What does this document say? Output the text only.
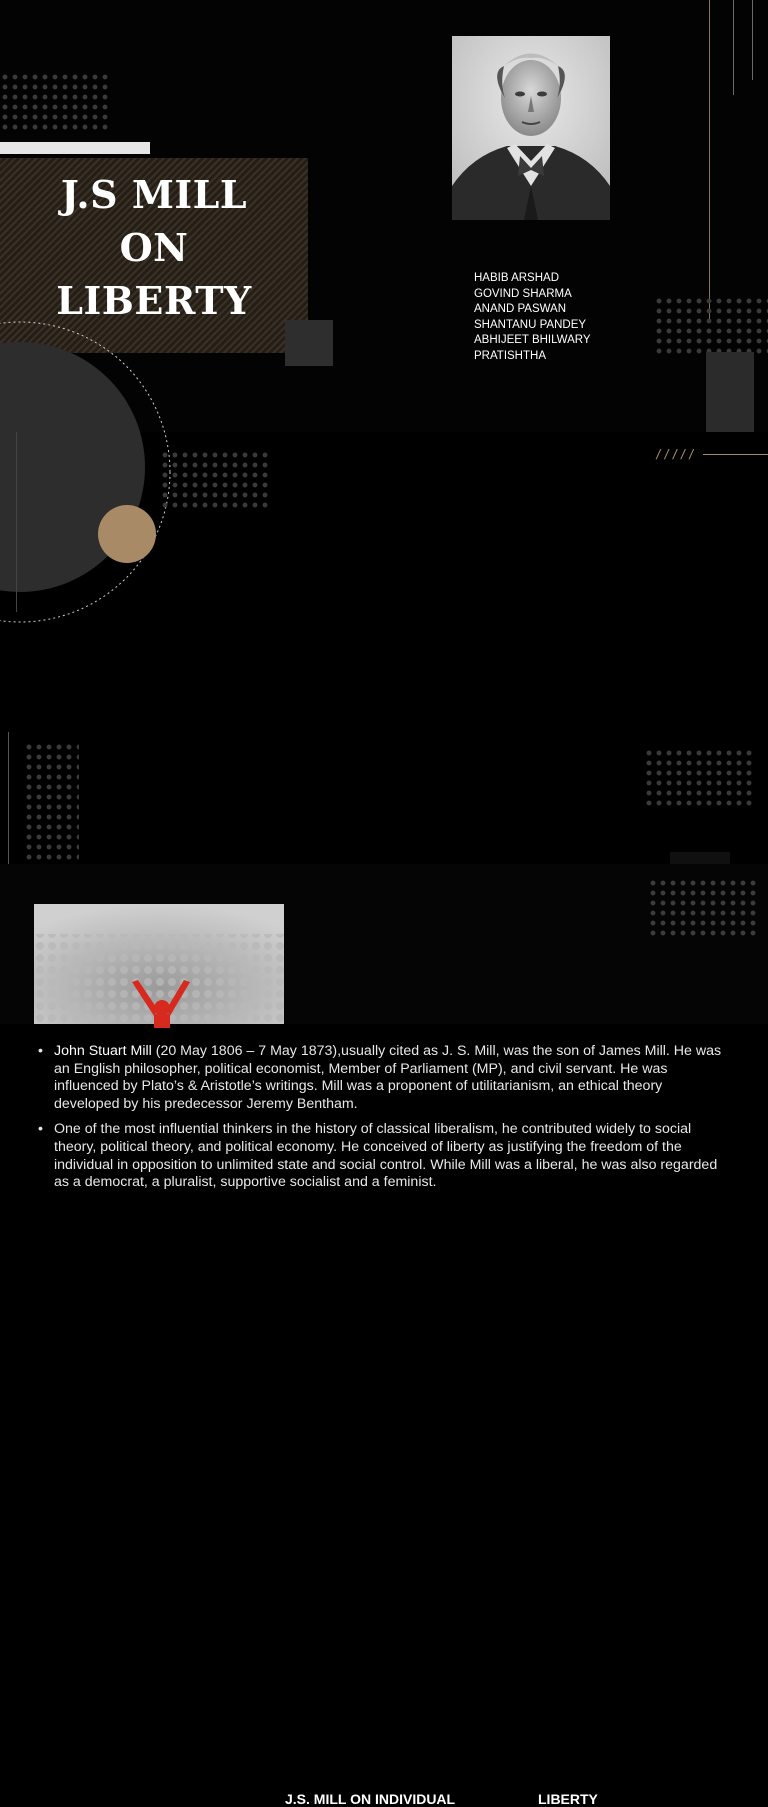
J.S MILL
ON
LIBERTY	HABIB ARSHAD
GOVIND SHARMA
ANAND PASWAN
SHANTANU PANDEY
ABHIJEET BHILWARY
PRATISHTHA
/////
• John Stuart Mill (20 May 1806 – 7 May 1873),usually cited as J. S. Mill, was the son of James Mill. He was an English philosopher, political economist, Member of Parliament (MP), and civil servant. He was influenced by Plato’s & Aristotle’s writings. Mill was a proponent of utilitarianism, an ethical theory developed by his predecessor Jeremy Bentham.
• One of the most influential thinkers in the history of classical liberalism, he contributed widely to social theory, political theory, and political economy. He conceived of liberty as justifying the freedom of the individual in opposition to unlimited state and social control. While Mill was a liberal, he was also regarded as a democrat, a pluralist, supportive socialist and a feminist.
J.S. MILL ON INDIVIDUAL	LIBERTY
